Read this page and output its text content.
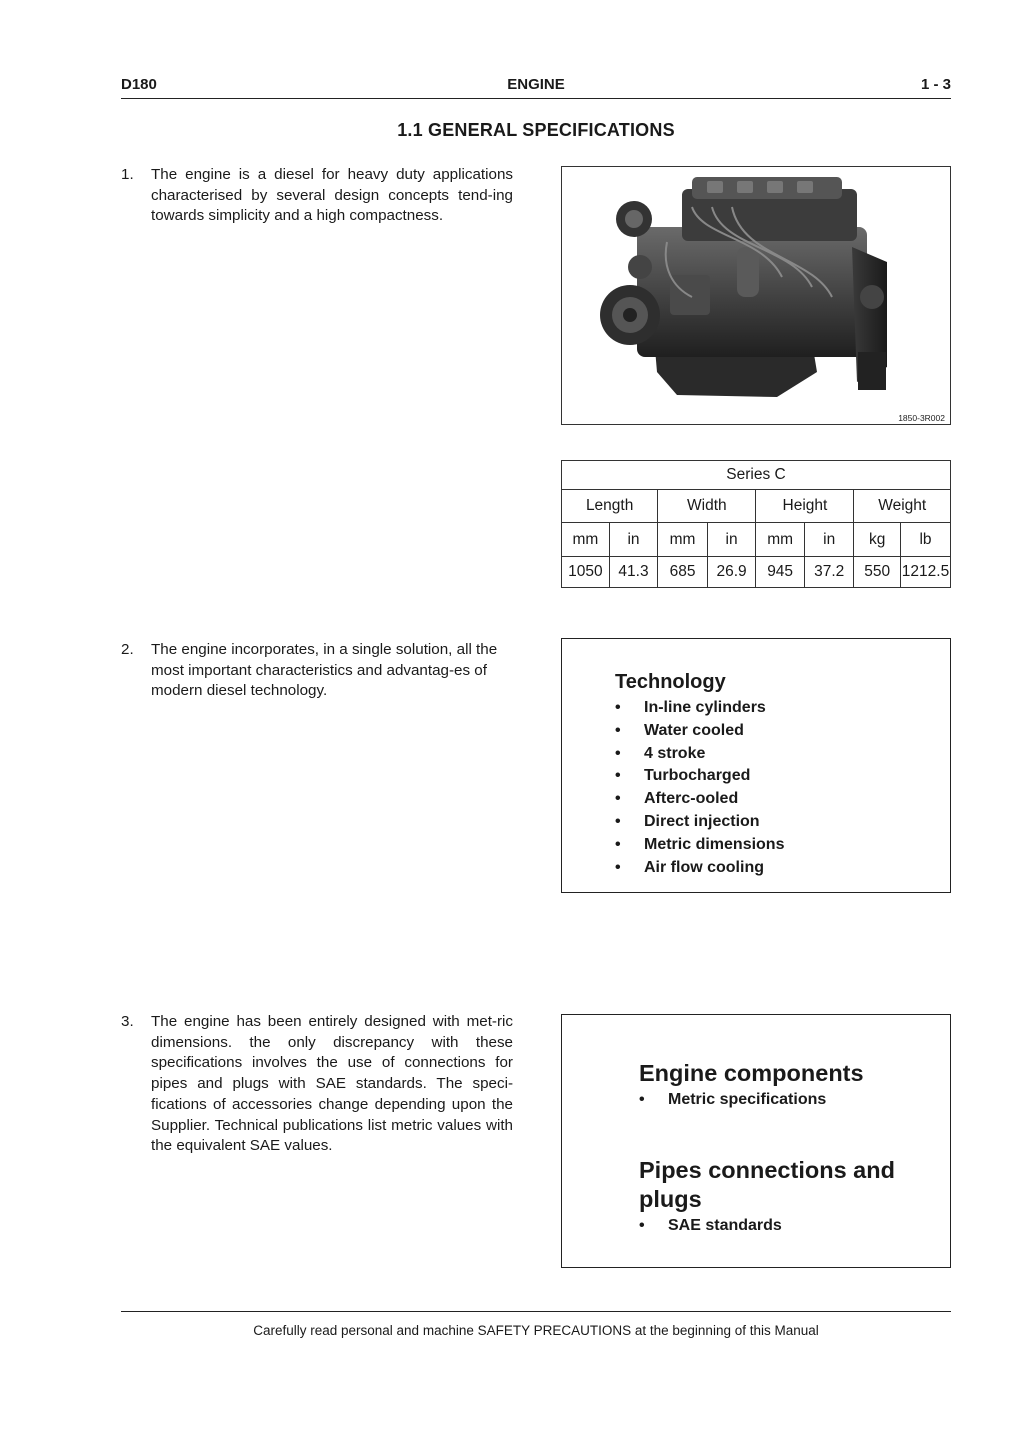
D180	ENGINE	1 - 3
1.1 GENERAL SPECIFICATIONS
1. The engine is a diesel for heavy duty applications characterised by several design concepts tend-ing towards simplicity and a high compactness.
1850-3R002
Series C							
Length		Width		Height		Weight	
mm	in	mm	in	mm	in	kg	lb
1050	41.3	685	26.9	945	37.2	550	1212.5
2. The engine incorporates, in a single solution, all the most important characteristics and advantag-es of modern diesel technology.	Technology
• In-line cylinders
• Water cooled
• 4 stroke
• Turbocharged
• Afterc-ooled
• Direct injection
• Metric dimensions
• Air flow cooling
3. The engine has been entirely designed with met-ric dimensions. the only discrepancy with these specifications involves the use of connections for pipes and plugs with SAE standards. The speci-fications of accessories change depending upon the Supplier. Technical publications list metric values with the equivalent SAE values.
Engine components
• Metric specifications
Pipes connections and plugs
• SAE standards
Carefully read personal and machine SAFETY PRECAUTIONS at the beginning of this Manual
